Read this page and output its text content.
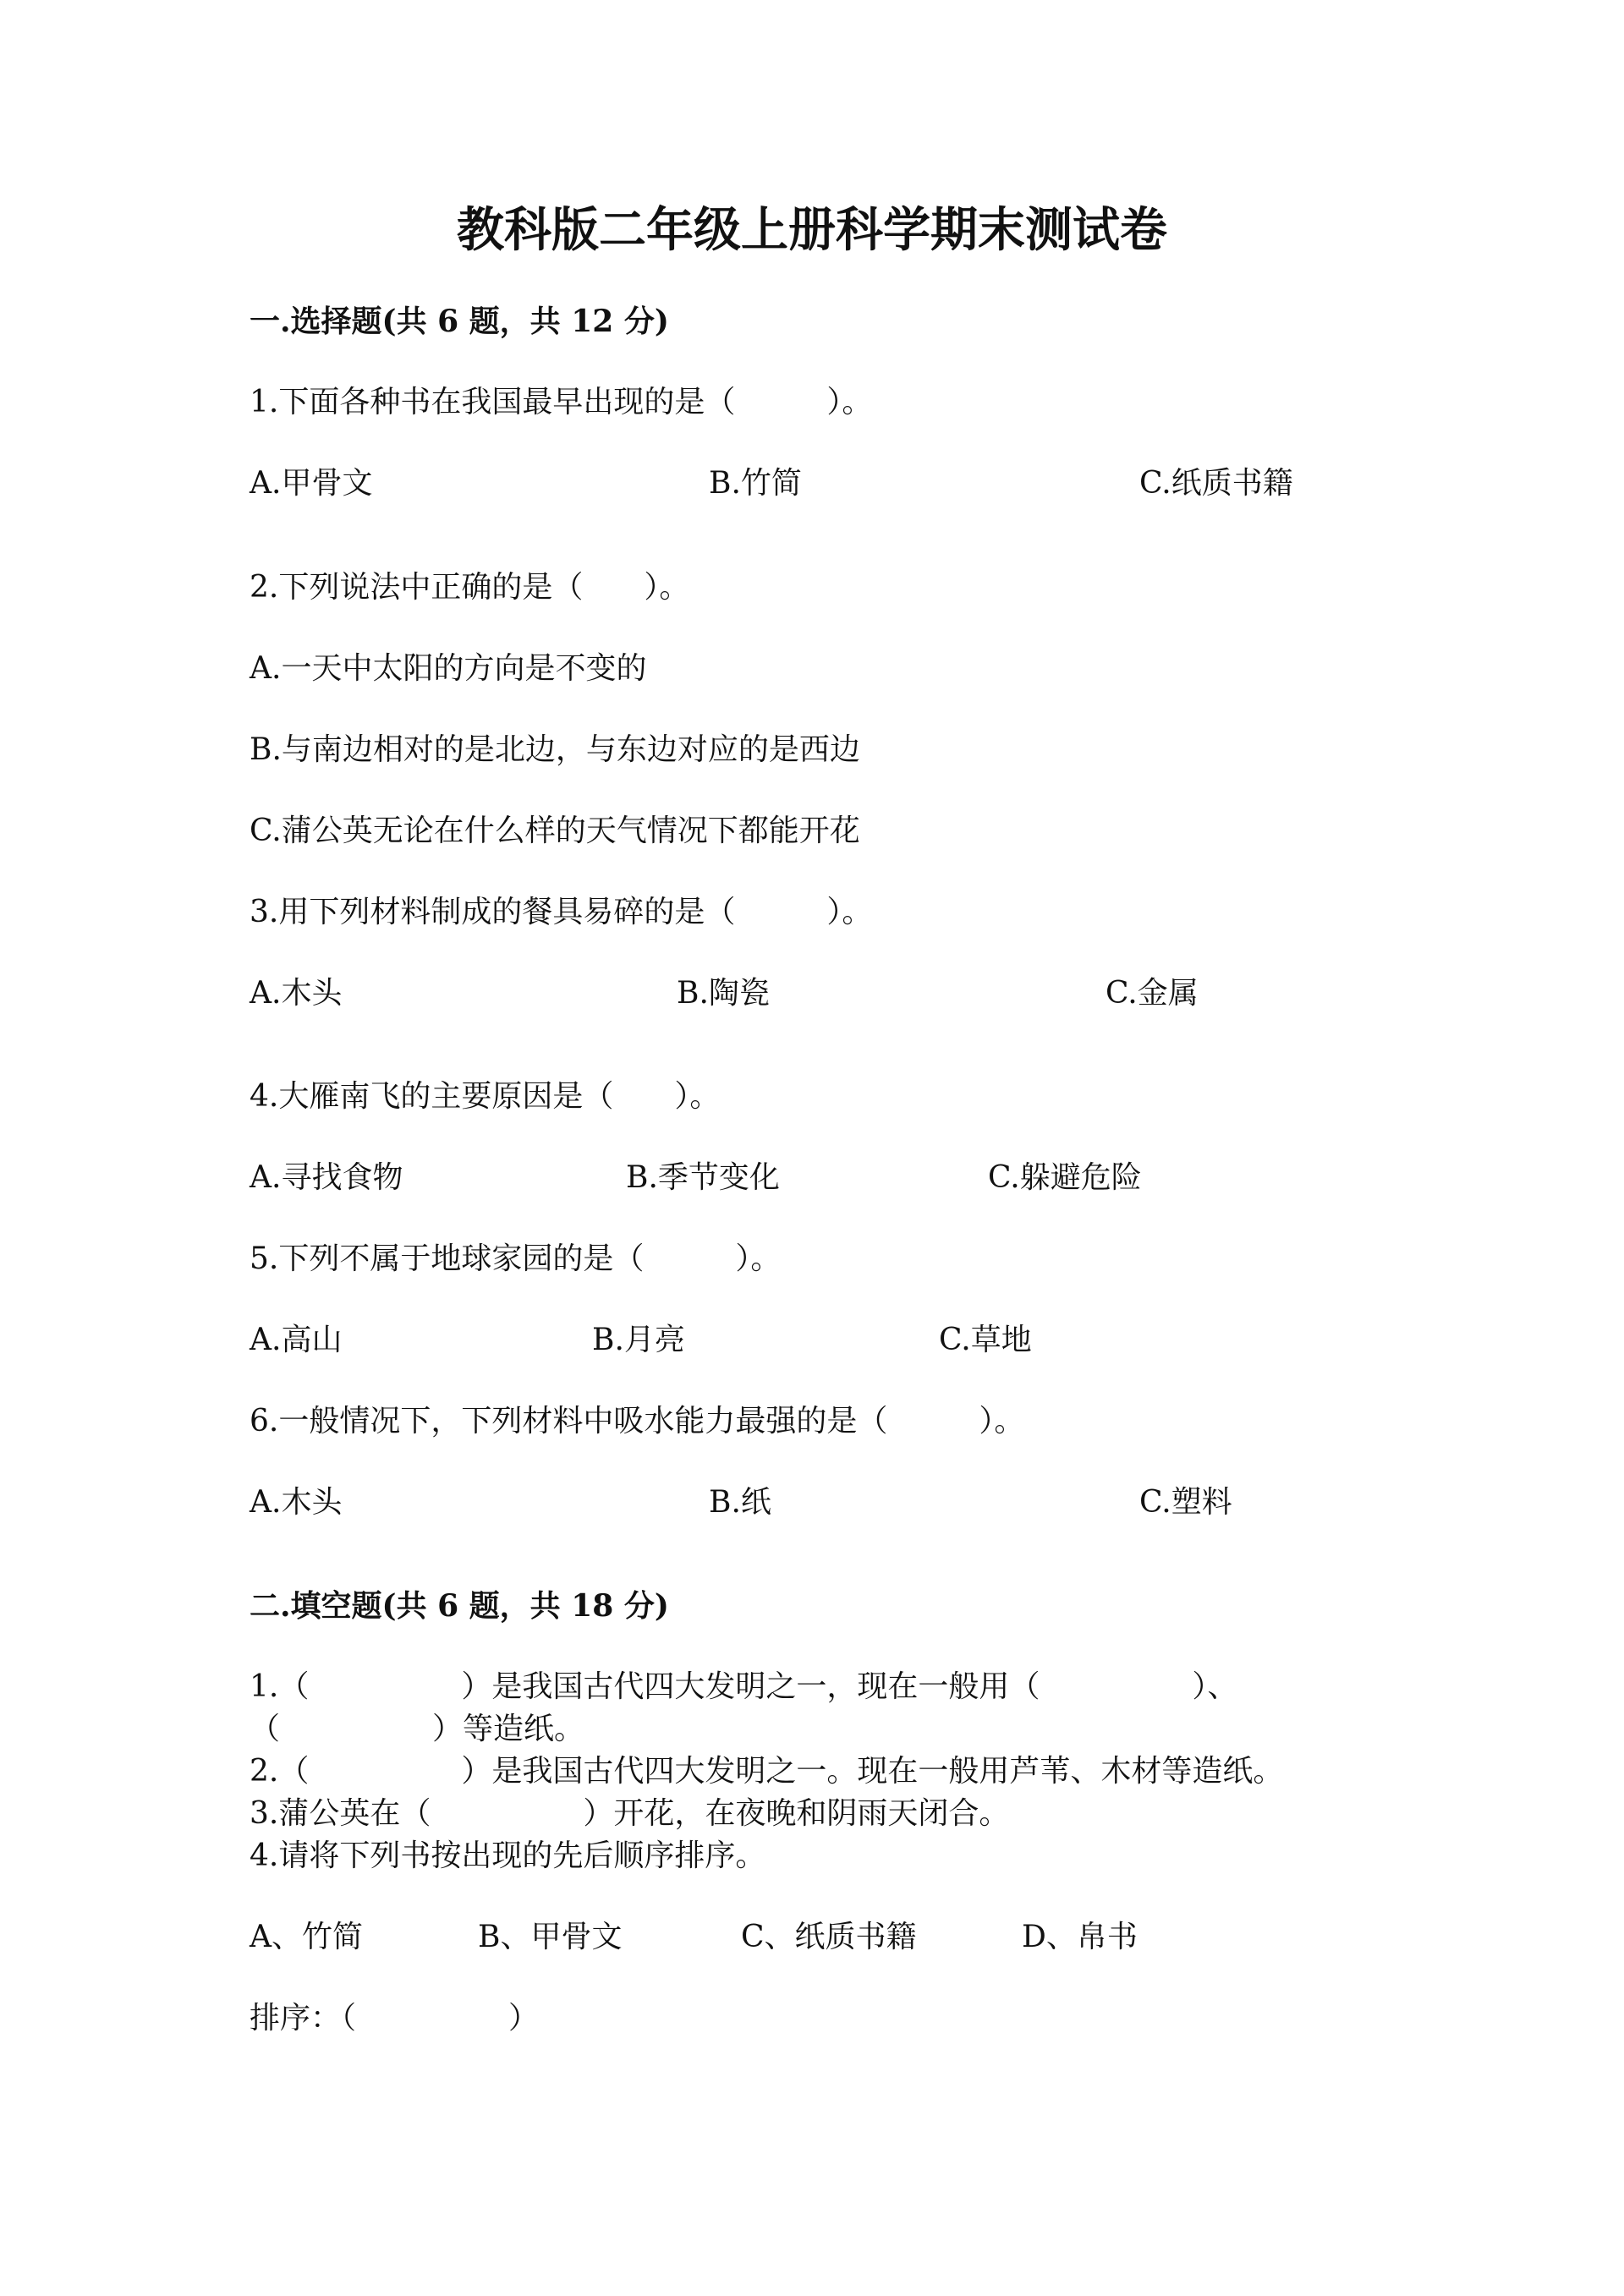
教科版二年级上册科学期末测试卷
一.选择题(共 6 题，共 12 分)
1.下面各种书在我国最早出现的是（　　　）。
A.甲骨文	B.竹简	C.纸质书籍
2.下列说法中正确的是（　　）。
A.一天中太阳的方向是不变的
B.与南边相对的是北边，与东边对应的是西边
C.蒲公英无论在什么样的天气情况下都能开花
3.用下列材料制成的餐具易碎的是（　　　）。
A.木头	B.陶瓷	C.金属
4.大雁南飞的主要原因是（　　）。
A.寻找食物	B.季节变化	C.躲避危险
5.下列不属于地球家园的是（　　　）。
A.高山	B.月亮	C.草地
6.一般情况下，下列材料中吸水能力最强的是（　　　）。
A.木头	B.纸	C.塑料
二.填空题(共 6 题，共 18 分)
1.（　　　　　）是我国古代四大发明之一，现在一般用（　　　　　）、
（　　　　　）等造纸。
2.（　　　　　）是我国古代四大发明之一。现在一般用芦苇、木材等造纸。
3.蒲公英在（　　　　　）开花，在夜晚和阴雨天闭合。
4.请将下列书按出现的先后顺序排序。
A、竹简	B、甲骨文	C、纸质书籍	D、帛书
排序：（　　　　　）
